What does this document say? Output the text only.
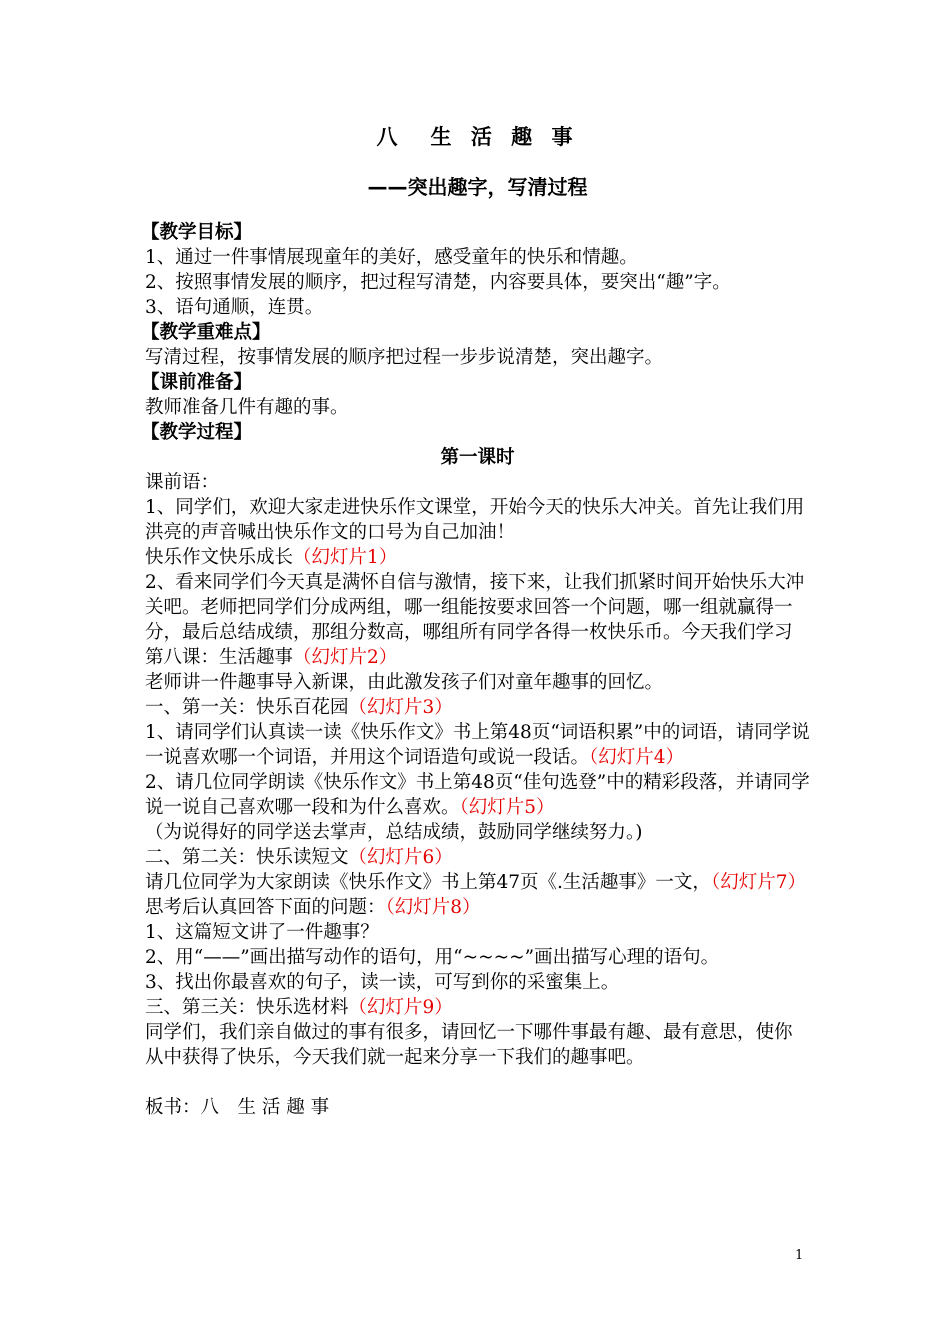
八　生 活 趣 事
——突出趣字，写清过程

【教学目标】

1、通过一件事情展现童年的美好，感受童年的快乐和情趣。

2、按照事情发展的顺序，把过程写清楚，内容要具体，要突出“趣”字。

3、语句通顺，连贯。

【教学重难点】

写清过程，按事情发展的顺序把过程一步步说清楚，突出趣字。

【课前准备】

教师准备几件有趣的事。

【教学过程】

第一课时

课前语：

1、同学们，欢迎大家走进快乐作文课堂，开始今天的快乐大冲关。首先让我们用洪亮的声音喊出快乐作文的口号为自己加油！

快乐作文快乐成长（幻灯片1）

2、看来同学们今天真是满怀自信与激情，接下来，让我们抓紧时间开始快乐大冲关吧。老师把同学们分成两组，哪一组能按要求回答一个问题，哪一组就赢得一分，最后总结成绩，那组分数高，哪组所有同学各得一枚快乐币。今天我们学习第八课：生活趣事（幻灯片2）

老师讲一件趣事导入新课，由此激发孩子们对童年趣事的回忆。

一、第一关：快乐百花园（幻灯片3）

1、请同学们认真读一读《快乐作文》书上第48页“词语积累”中的词语，请同学说一说喜欢哪一个词语，并用这个词语造句或说一段话。（幻灯片4）

2、请几位同学朗读《快乐作文》书上第48页“佳句选登”中的精彩段落，并请同学说一说自己喜欢哪一段和为什么喜欢。（幻灯片5）

（为说得好的同学送去掌声，总结成绩，鼓励同学继续努力。)

二、第二关：快乐读短文（幻灯片6）

请几位同学为大家朗读《快乐作文》书上第47页《.生活趣事》一文，（幻灯片7）思考后认真回答下面的问题：（幻灯片8）

1、这篇短文讲了一件趣事？

2、用“——”画出描写动作的语句，用“~~~~”画出描写心理的语句。

3、找出你最喜欢的句子，读一读，可写到你的采蜜集上。

三、第三关：快乐选材料（幻灯片9）

同学们，我们亲自做过的事有很多，请回忆一下哪件事最有趣、最有意思，使你从中获得了快乐，今天我们就一起来分享一下我们的趣事吧。

板书：八　生 活 趣 事

1
